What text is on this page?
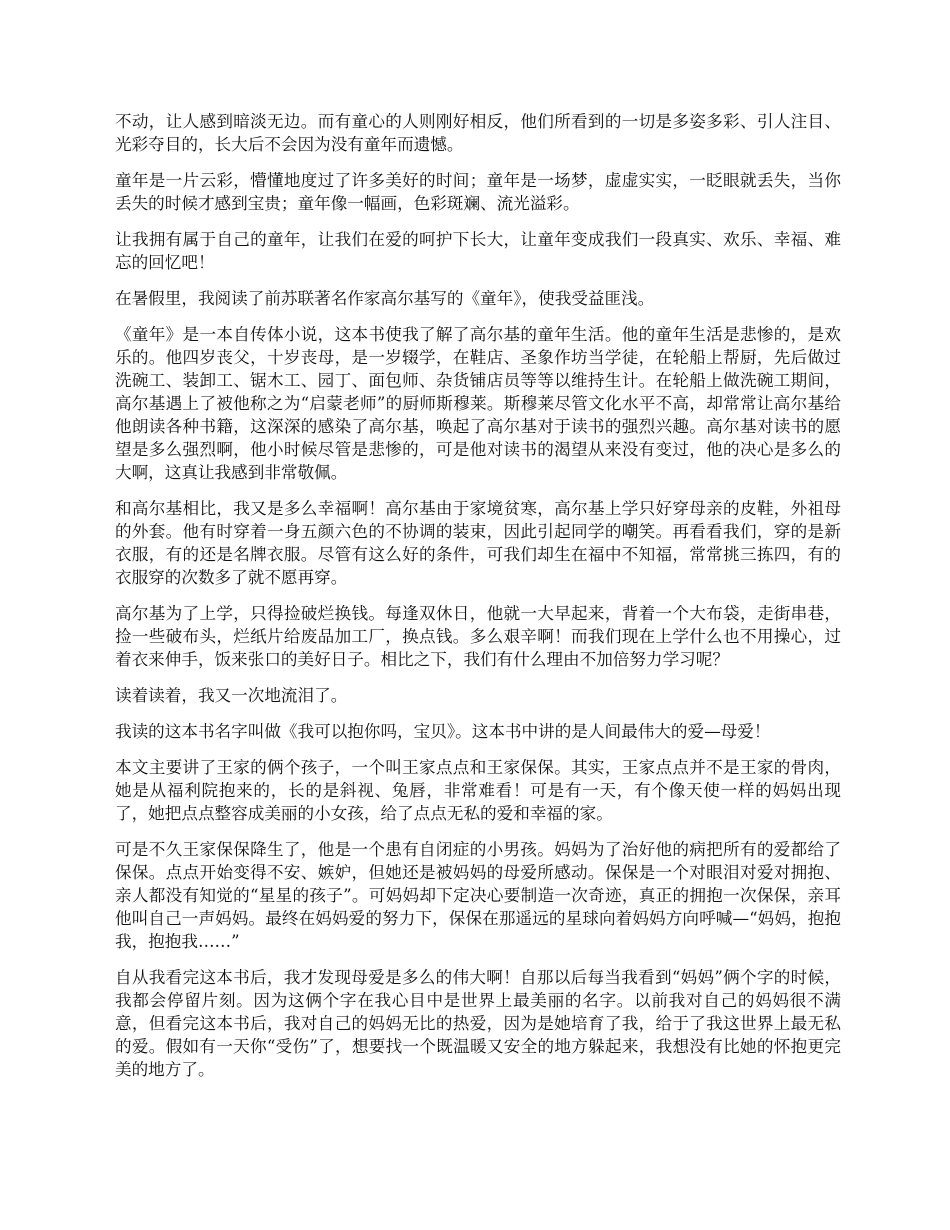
不动，让人感到暗淡无边。而有童心的人则刚好相反，他们所看到的一切是多姿多彩、引人注目、光彩夺目的，长大后不会因为没有童年而遗憾。

童年是一片云彩，懵懂地度过了许多美好的时间；童年是一场梦，虚虚实实，一眨眼就丢失，当你丢失的时候才感到宝贵；童年像一幅画，色彩斑斓、流光溢彩。

让我拥有属于自己的童年，让我们在爱的呵护下长大，让童年变成我们一段真实、欢乐、幸福、难忘的回忆吧！

在暑假里，我阅读了前苏联著名作家高尔基写的《童年》，使我受益匪浅。

《童年》是一本自传体小说，这本书使我了解了高尔基的童年生活。他的童年生活是悲惨的，是欢乐的。他四岁丧父，十岁丧母，是一岁辍学，在鞋店、圣象作坊当学徒，在轮船上帮厨，先后做过洗碗工、装卸工、锯木工、园丁、面包师、杂货铺店员等等以维持生计。在轮船上做洗碗工期间，高尔基遇上了被他称之为“启蒙老师”的厨师斯穆莱。斯穆莱尽管文化水平不高，却常常让高尔基给他朗读各种书籍，这深深的感染了高尔基，唤起了高尔基对于读书的强烈兴趣。高尔基对读书的愿望是多么强烈啊，他小时候尽管是悲惨的，可是他对读书的渴望从来没有变过，他的决心是多么的大啊，这真让我感到非常敬佩。

和高尔基相比，我又是多么幸福啊！高尔基由于家境贫寒，高尔基上学只好穿母亲的皮鞋，外祖母的外套。他有时穿着一身五颜六色的不协调的装束，因此引起同学的嘲笑。再看看我们，穿的是新衣服，有的还是名牌衣服。尽管有这么好的条件，可我们却生在福中不知福，常常挑三拣四，有的衣服穿的次数多了就不愿再穿。

高尔基为了上学，只得捡破烂换钱。每逢双休日，他就一大早起来，背着一个大布袋，走街串巷，捡一些破布头，烂纸片给废品加工厂，换点钱。多么艰辛啊！而我们现在上学什么也不用操心，过着衣来伸手，饭来张口的美好日子。相比之下，我们有什么理由不加倍努力学习呢？

读着读着，我又一次地流泪了。

我读的这本书名字叫做《我可以抱你吗，宝贝》。这本书中讲的是人间最伟大的爱—母爱！

本文主要讲了王家的俩个孩子，一个叫王家点点和王家保保。其实，王家点点并不是王家的骨肉，她是从福利院抱来的，长的是斜视、兔唇，非常难看！可是有一天，有个像天使一样的妈妈出现了，她把点点整容成美丽的小女孩，给了点点无私的爱和幸福的家。

可是不久王家保保降生了，他是一个患有自闭症的小男孩。妈妈为了治好他的病把所有的爱都给了保保。点点开始变得不安、嫉妒，但她还是被妈妈的母爱所感动。保保是一个对眼泪对爱对拥抱、亲人都没有知觉的“星星的孩子”。可妈妈却下定决心要制造一次奇迹，真正的拥抱一次保保，亲耳他叫自己一声妈妈。最终在妈妈爱的努力下，保保在那遥远的星球向着妈妈方向呼喊—“妈妈，抱抱我，抱抱我……”

自从我看完这本书后，我才发现母爱是多么的伟大啊！自那以后每当我看到“妈妈”俩个字的时候，我都会停留片刻。因为这俩个字在我心目中是世界上最美丽的名字。以前我对自己的妈妈很不满意，但看完这本书后，我对自己的妈妈无比的热爱，因为是她培育了我，给于了我这世界上最无私的爱。假如有一天你“受伤”了，想要找一个既温暖又安全的地方躲起来，我想没有比她的怀抱更完美的地方了。
